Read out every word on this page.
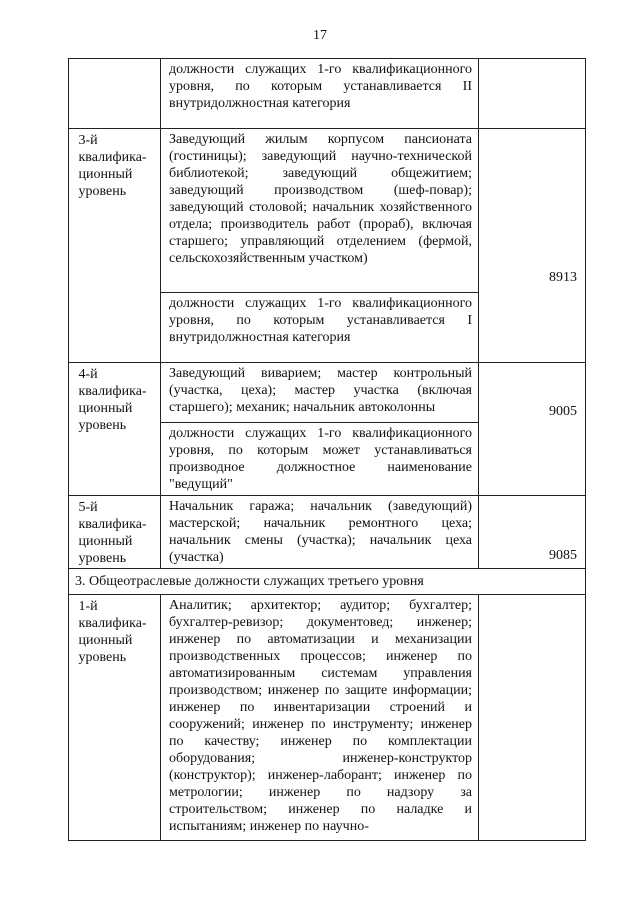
17
	должности служащих 1-го квалификационного уровня, по которым устанавливается II внутридолжностная категория	
3-й квалифика-ционный уровень	Заведующий жилым корпусом пансионата (гостиницы); заведующий научно-технической библиотекой; заведующий общежитием; заведующий производством (шеф-повар); заведующий столовой; начальник хозяйственного отдела; производитель работ (прораб), включая старшего; управляющий отделением (фермой, сельскохозяйственным участком)	8913
	должности служащих 1-го квалификационного уровня, по которым устанавливается I внутридолжностная категория	
4-й квалифика-ционный уровень	Заведующий виварием; мастер контрольный (участка, цеха); мастер участка (включая старшего); механик; начальник автоколонны	9005
	должности служащих 1-го квалификационного уровня, по которым может устанавливаться производное должностное наименование "ведущий"	
5-й квалифика-ционный уровень	Начальник гаража; начальник (заведующий) мастерской; начальник ремонтного цеха; начальник смены (участка); начальник цеха (участка)	9085
3. Общеотраслевые должности служащих третьего уровня		
1-й квалифика-ционный уровень	Аналитик; архитектор; аудитор; бухгалтер; бухгалтер-ревизор; документовед; инженер; инженер по автоматизации и механизации производственных процессов; инженер по автоматизированным системам управления производством; инженер по защите информации; инженер по инвентаризации строений и сооружений; инженер по инструменту; инженер по качеству; инженер по комплектации оборудования; инженер-конструктор (конструктор); инженер-лаборант; инженер по метрологии; инженер по надзору за строительством; инженер по наладке и испытаниям; инженер по научно-	
